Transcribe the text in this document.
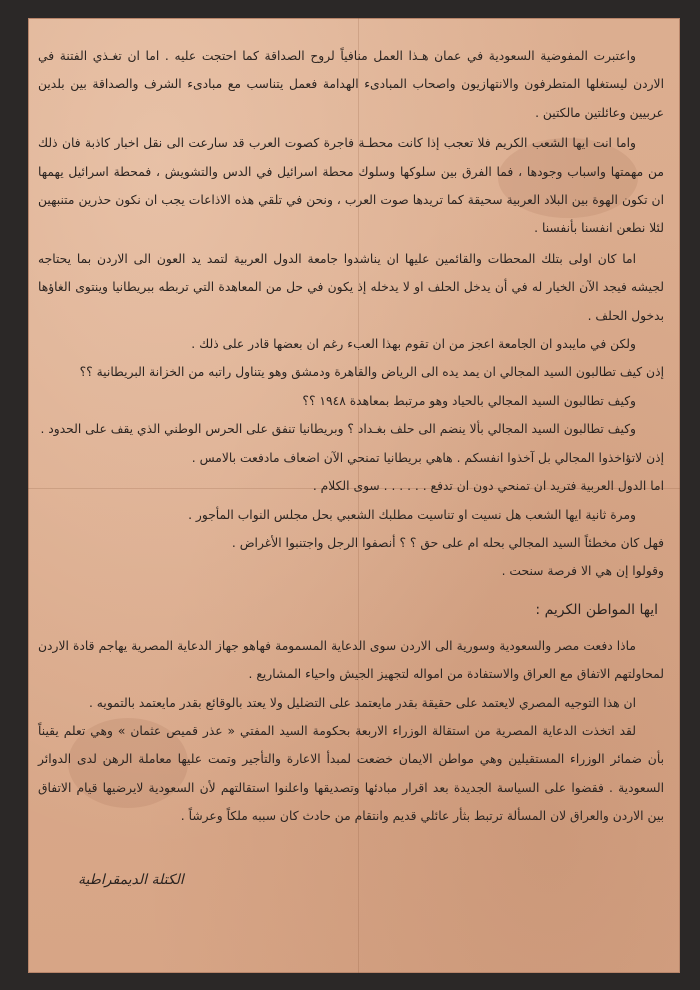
واعتبرت المفوضية السعودية في عمان هـذا العمل منافياً لروح الصداقة كما احتجت عليه . اما ان تغـذي الفتنة في الاردن ليستغلها المتطرفون والانتهازيون واصحاب المبادىء الهدامة فعمل يتناسب مع مبادىء الشرف والصداقة بين بلدين عربيين وعائلتين مالكتين .

واما انت ايها الشعب الكريم فلا تعجب إذا كانت محطـة فاجرة كصوت العرب قد سارعت الى نقل اخبار كاذبة فان ذلك من مهمتها واسباب وجودها ، فما الفرق بين سلوكها وسلوك محطة اسرائيل في الدس والتشويش ، فمحطة اسرائيل يهمها ان تكون الهوة بين البلاد العربية سحيقة كما تريدها صوت العرب ، ونحن في تلقي هذه الاذاعات يجب ان نكون حذرين متنبهين لئلا نطعن انفسنا بأنفسنا .

اما كان اولى بتلك المحطات والقائمين عليها ان يناشدوا جامعة الدول العربية لتمد يد العون الى الاردن بما يحتاجه لجيشه فيجد الآن الخيار له في أن يدخل الحلف او لا يدخله إذ يكون في حل من المعاهدة التي تربطه ببريطانيا وينتوى الغاؤها بدخول الحلف .

ولكن في مايبدو ان الجامعة اعجز من ان تقوم بهذا العبء رغم ان بعضها قادر على ذلك .

إذن كيف تطالبون السيد المجالي ان يمد يده الى الرياض والقاهرة ودمشق وهو يتناول راتبه من الخزانة البريطانية ؟؟

وكيف تطالبون السيد المجالي بالحياد وهو مرتبط بمعاهدة ١٩٤٨ ؟؟

وكيف تطالبون السيد المجالي بألا ينضم الى حلف بغـداد ؟ وبريطانيا تنفق على الحرس الوطني الذي يقف على الحدود .

إذن لاتؤاخذوا المجالي بل آخذوا انفسكم . هاهي بريطانيا تمنحي الآن اضعاف مادفعت بالامس .

اما الدول العربية فتريد ان تمنحي دون ان تدفع . . . . . . سوى الكلام .

ومرة ثانية ايها الشعب هل نسيت او تناسيت مطلبك الشعبي بحل مجلس النواب المأجور .

فهل كان مخطئاً السيد المجالي بحله ام على حق ؟ ؟ أنصفوا الرجل واجتنبوا الأغراض .

وقولوا إن هي الا فرصة سنحت .

ايها المواطن الكريم :

ماذا دفعت مصر والسعودية وسورية الى الاردن سوى الدعاية المسمومة فهاهو جهاز الدعاية المصرية يهاجم قادة الاردن لمحاولتهم الاتفاق مع العراق والاستفادة من امواله لتجهيز الجيش واحياء المشاريع .

ان هذا التوجيه المصري لايعتمد على حقيقة بقدر مايعتمد على التضليل ولا يعتد بالوقائع بقدر مايعتمد بالتمويه .

لقد اتخذت الدعاية المصرية من استقالة الوزراء الاربعة بحكومة السيد المفتي « عذر قميص عثمان » وهي تعلم يقيناً بأن ضمائر الوزراء المستقيلين وهي مواطن الايمان خضعت لمبدأ الاعارة والتأجير وتمت عليها معاملة الرهن لدى الدوائر السعودية . فقضوا على السياسة الجديدة بعد اقرار مبادئها وتصديقها واعلنوا استقالتهم لأن السعودية لايرضيها قيام الاتفاق بين الاردن والعراق لان المسألة ترتبط بثأر عائلي قديم وانتقام من حادث كان سببه ملكاً وعرشاً .

الكتلة الديمقراطية
